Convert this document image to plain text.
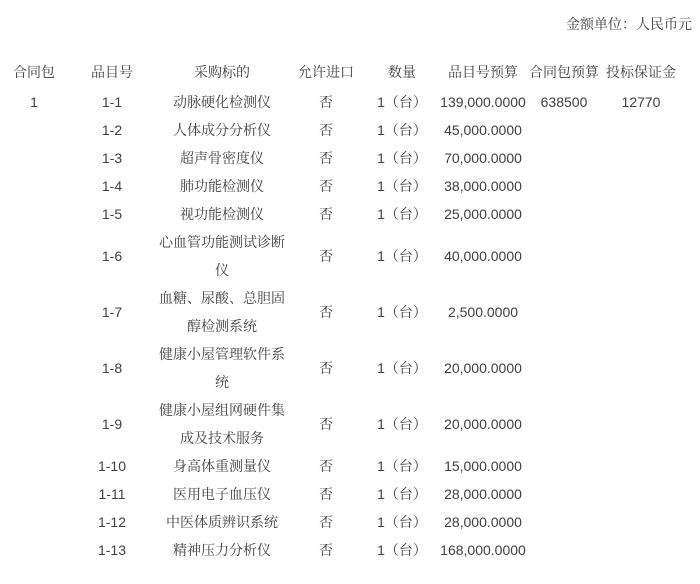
金额单位：人民币元
合同包	品目号	采购标的	允许进口	数量	品目号预算	合同包预算	投标保证金
1	1-1	动脉硬化检测仪	否	1（台）	139,000.0000	638500	12770
	1-2	人体成分分析仪	否	1（台）	45,000.0000		
	1-3	超声骨密度仪	否	1（台）	70,000.0000		
	1-4	肺功能检测仪	否	1（台）	38,000.0000		
	1-5	视功能检测仪	否	1（台）	25,000.0000		
	1-6	心血管功能测试诊断仪	否	1（台）	40,000.0000		
	1-7	血糖、尿酸、总胆固醇检测系统	否	1（台）	2,500.0000		
	1-8	健康小屋管理软件系统	否	1（台）	20,000.0000		
	1-9	健康小屋组网硬件集成及技术服务	否	1（台）	20,000.0000		
	1-10	身高体重测量仪	否	1（台）	15,000.0000		
	1-11	医用电子血压仪	否	1（台）	28,000.0000		
	1-12	中医体质辨识系统	否	1（台）	28,000.0000		
	1-13	精神压力分析仪	否	1（台）	168,000.0000		
